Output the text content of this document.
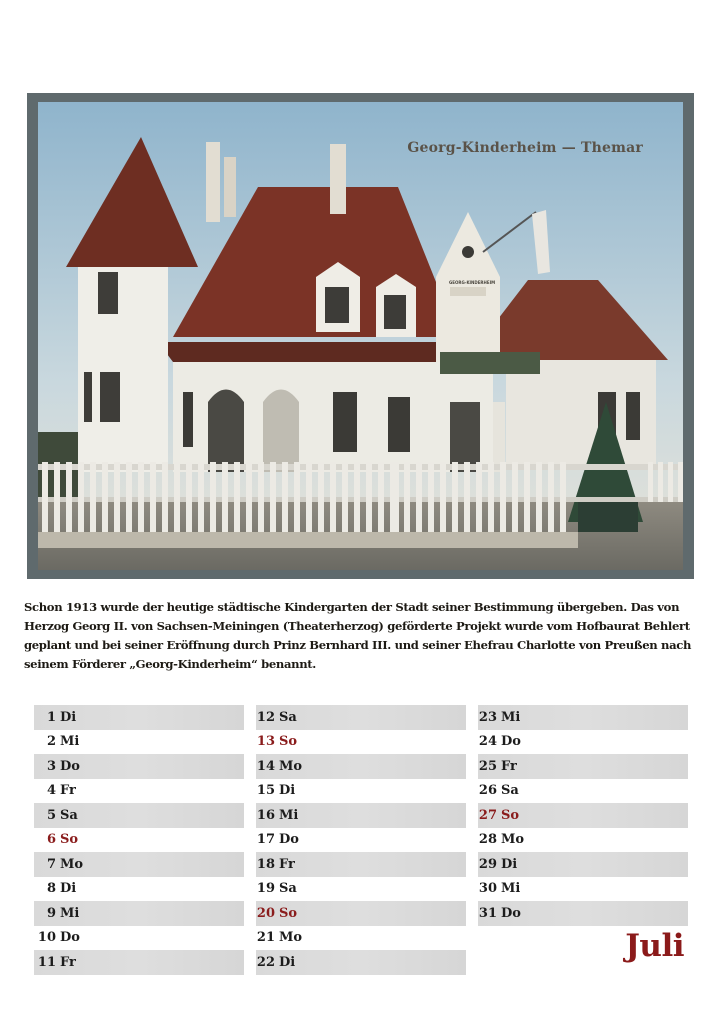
Georg-Kinderheim — Themar
GEORG-KINDERHEIM

Schon 1913 wurde der heutige städtische Kindergarten der Stadt seiner Bestimmung übergeben. Das von Herzog Georg II. von Sachsen-Meiningen (Theaterherzog) geförderte Projekt wurde vom Hofbaurat Behlert geplant und bei seiner Eröffnung durch Prinz Bernhard III. und seiner Ehefrau Charlotte von Preußen nach seinem Förderer „Georg-Kinderheim“ benannt.

1 Di
2 Mi
3 Do
4 Fr
5 Sa
6 So
7 Mo
8 Di
9 Mi
10 Do
11 Fr
12 Sa
13 So
14 Mo
15 Di
16 Mi
17 Do
18 Fr
19 Sa
20 So
21 Mo
22 Di
23 Mi
24 Do
25 Fr
26 Sa
27 So
28 Mo
29 Di
30 Mi
31 Do
Juli
